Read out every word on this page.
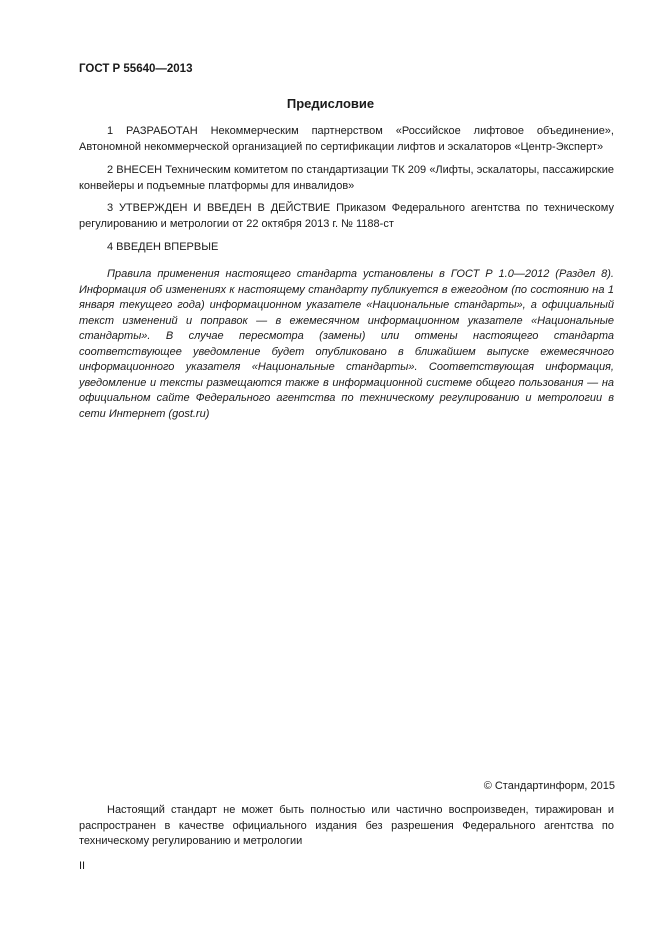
ГОСТ Р 55640—2013
Предисловие

1 РАЗРАБОТАН Некоммерческим партнерством «Российское лифтовое объединение», Автономной некоммерческой организацией по сертификации лифтов и эскалаторов «Центр-Эксперт»

2 ВНЕСЕН Техническим комитетом по стандартизации ТК 209 «Лифты, эскалаторы, пассажирские конвейеры и подъемные платформы для инвалидов»

3 УТВЕРЖДЕН И ВВЕДЕН В ДЕЙСТВИЕ Приказом Федерального агентства по техническому регулированию и метрологии от 22 октября 2013 г. № 1188-ст

4 ВВЕДЕН ВПЕРВЫЕ

Правила применения настоящего стандарта установлены в ГОСТ Р 1.0—2012 (Раздел 8). Информация об изменениях к настоящему стандарту публикуется в ежегодном (по состоянию на 1 января текущего года) информационном указателе «Национальные стандарты», а официальный текст изменений и поправок — в ежемесячном информационном указателе «Национальные стандарты». В случае пересмотра (замены) или отмены настоящего стандарта соответствующее уведомление будет опубликовано в ближайшем выпуске ежемесячного информационного указателя «Национальные стандарты». Соответствующая информация, уведомление и тексты размещаются также в информационной системе общего пользования — на официальном сайте Федерального агентства по техническому регулированию и метрологии в сети Интернет (gost.ru)

© Стандартинформ, 2015

Настоящий стандарт не может быть полностью или частично воспроизведен, тиражирован и распространен в качестве официального издания без разрешения Федерального агентства по техническому регулированию и метрологии

II
